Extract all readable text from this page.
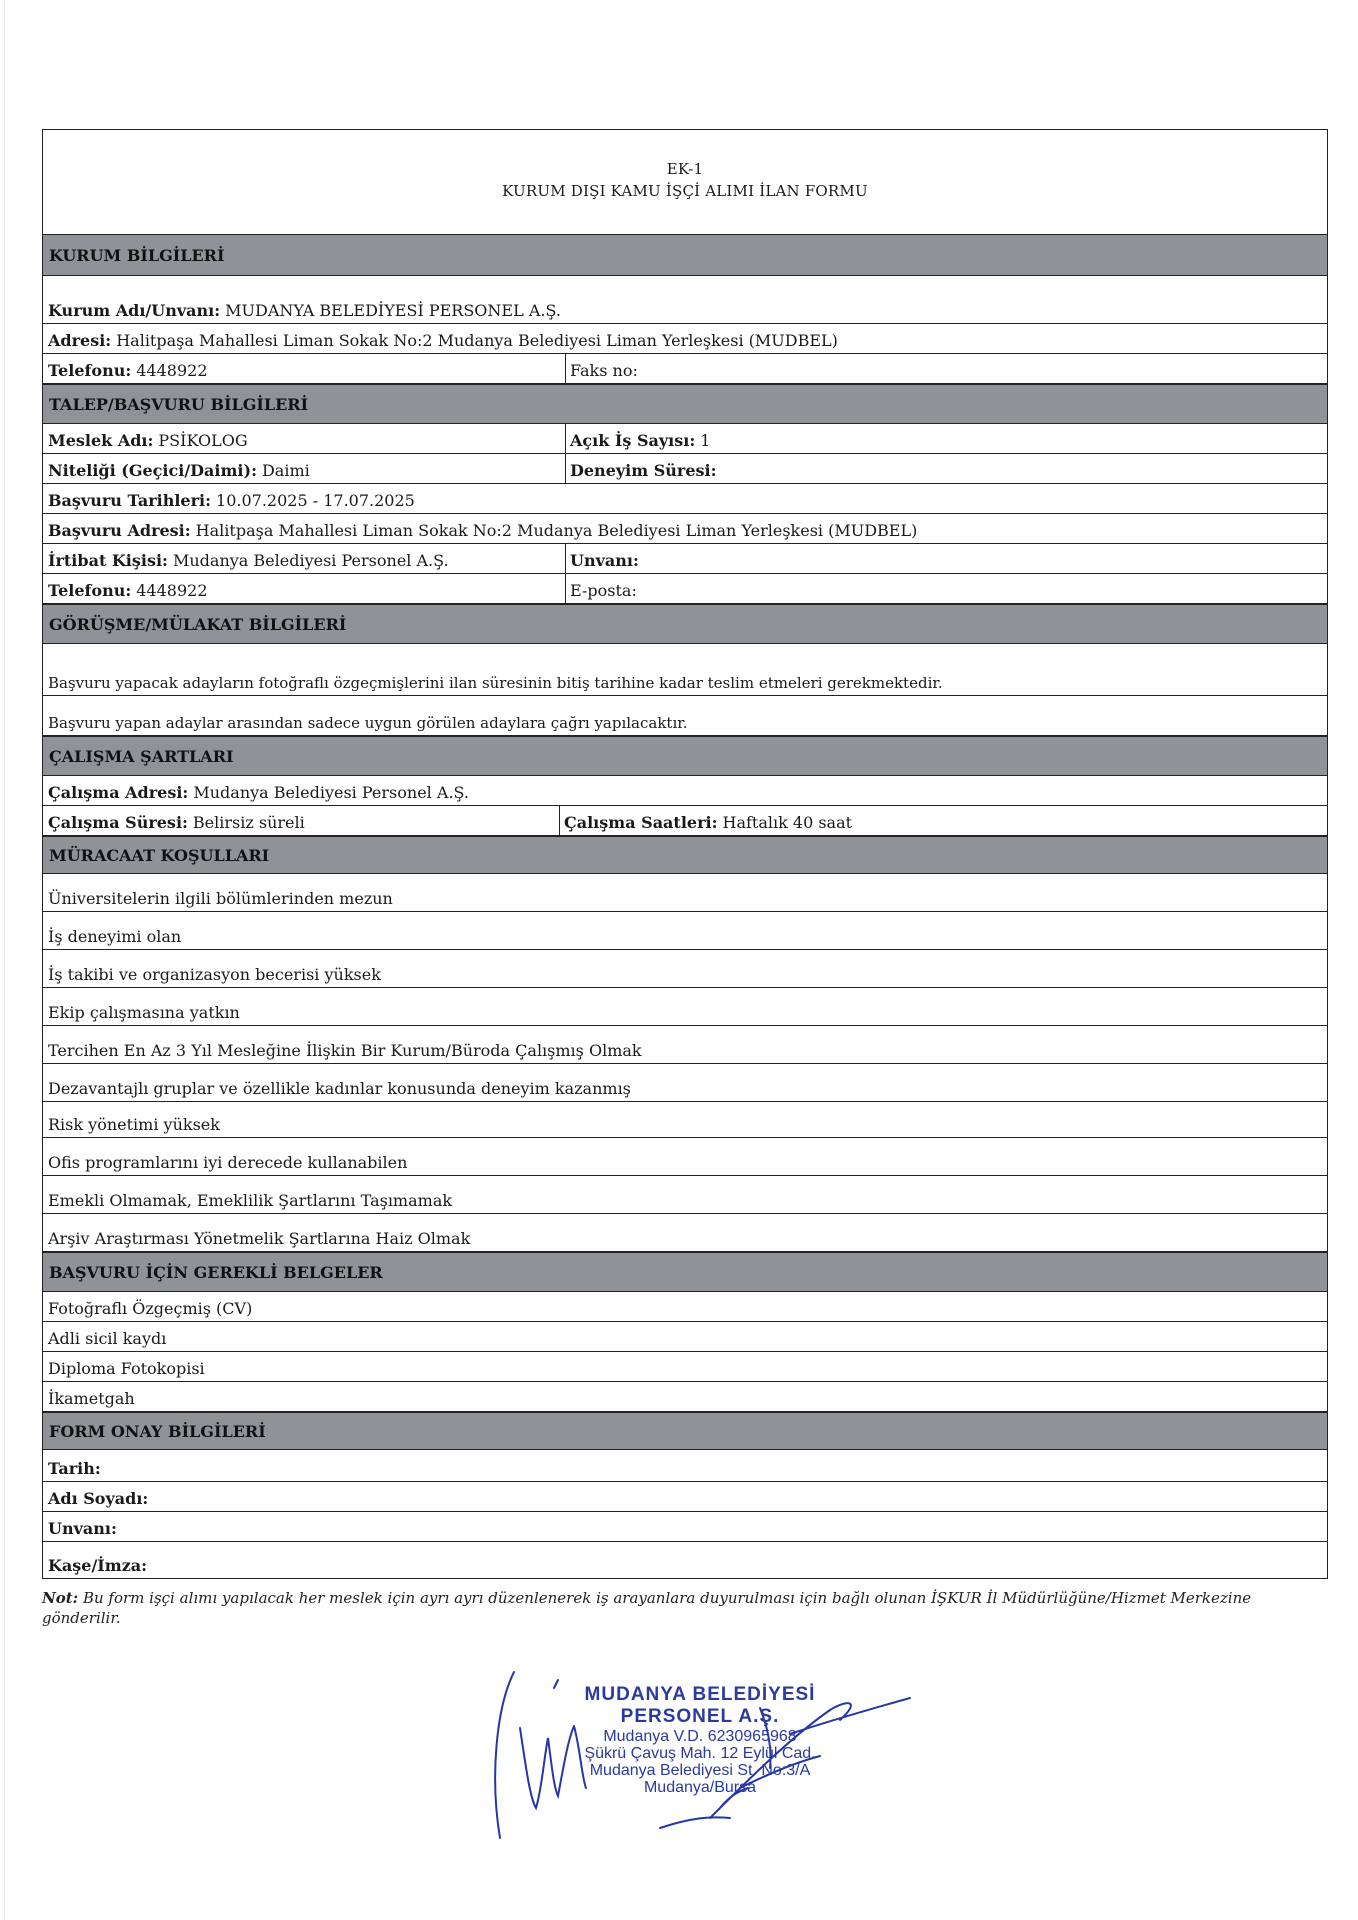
EK-1
KURUM DIŞI KAMU İŞÇİ ALIMI İLAN FORMU
KURUM BİLGİLERİ
Kurum Adı/Unvanı: MUDANYA BELEDİYESİ PERSONEL A.Ş.
Adresi: Halitpaşa Mahallesi Liman Sokak No:2 Mudanya Belediyesi Liman Yerleşkesi (MUDBEL)
Telefonu: 4448922	Faks no:
TALEP/BAŞVURU BİLGİLERİ
Meslek Adı: PSİKOLOG	Açık İş Sayısı: 1
Niteliği (Geçici/Daimi): Daimi	Deneyim Süresi:
Başvuru Tarihleri: 10.07.2025 - 17.07.2025
Başvuru Adresi: Halitpaşa Mahallesi Liman Sokak No:2 Mudanya Belediyesi Liman Yerleşkesi (MUDBEL)
İrtibat Kişisi: Mudanya Belediyesi Personel A.Ş.	Unvanı:
Telefonu: 4448922	E-posta:
GÖRÜŞME/MÜLAKAT BİLGİLERİ
Başvuru yapacak adayların fotoğraflı özgeçmişlerini ilan süresinin bitiş tarihine kadar teslim etmeleri gerekmektedir.
Başvuru yapan adaylar arasından sadece uygun görülen adaylara çağrı yapılacaktır.
ÇALIŞMA ŞARTLARI
Çalışma Adresi: Mudanya Belediyesi Personel A.Ş.
Çalışma Süresi: Belirsiz süreli	Çalışma Saatleri: Haftalık 40 saat
MÜRACAAT KOŞULLARI
Üniversitelerin ilgili bölümlerinden mezun
İş deneyimi olan
İş takibi ve organizasyon becerisi yüksek
Ekip çalışmasına yatkın
Tercihen En Az 3 Yıl Mesleğine İlişkin Bir Kurum/Büroda Çalışmış Olmak
Dezavantajlı gruplar ve özellikle kadınlar konusunda deneyim kazanmış
Risk yönetimi yüksek
Ofis programlarını iyi derecede kullanabilen
Emekli Olmamak, Emeklilik Şartlarını Taşımamak
Arşiv Araştırması Yönetmelik Şartlarına Haiz Olmak
BAŞVURU İÇİN GEREKLİ BELGELER
Fotoğraflı Özgeçmiş (CV)
Adli sicil kaydı
Diploma Fotokopisi
İkametgah
FORM ONAY BİLGİLERİ
Tarih:
Adı Soyadı:
Unvanı:
Kaşe/İmza:
Not: Bu form işçi alımı yapılacak her meslek için ayrı ayrı düzenlenerek iş arayanlara duyurulması için bağlı olunan İŞKUR İl Müdürlüğüne/Hizmet Merkezine gönderilir.
MUDANYA BELEDİYESİ
PERSONEL A.Ş.
Mudanya V.D. 6230965968
Şükrü Çavuş Mah. 12 Eylül Cad.
Mudanya Belediyesi St. No:3/A
Mudanya/Bursa
